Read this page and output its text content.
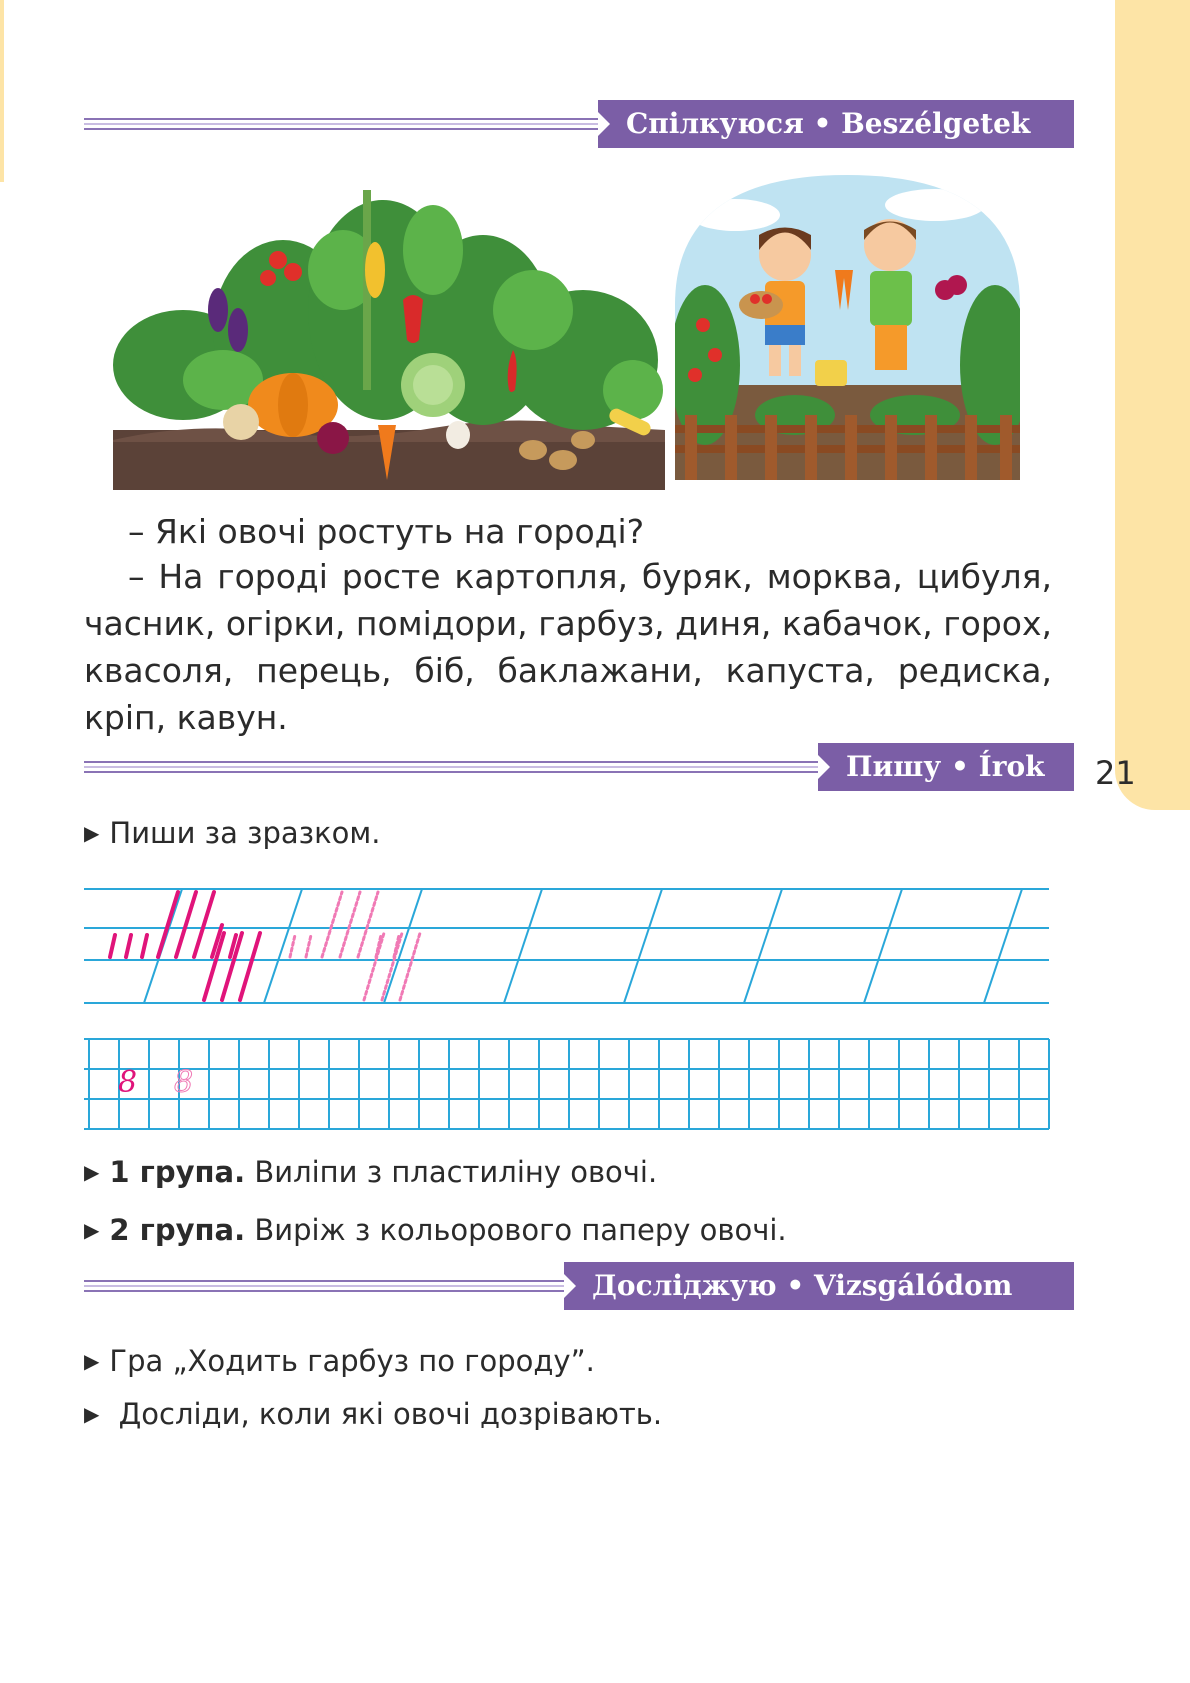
21
Спілкуюся • Beszélgetek
– Які овочі ростуть на городі?
– На городі росте картопля, буряк, морква, цибуля, часник, огірки, помідори, гарбуз, диня, кабачок, горох, квасоля, перець, біб, баклажани, капуста, редиска, кріп, кавун.
Пишу • Írok
▶ Пиши за зразком.
8 8
▶ 1 група. Виліпи з пластиліну овочі.
▶ 2 група. Виріж з кольорового паперу овочі.
Досліджую • Vizsgálódom
▶ Гра „Ходить гарбуз по городу”.
▶ Досліди, коли які овочі дозрівають.
